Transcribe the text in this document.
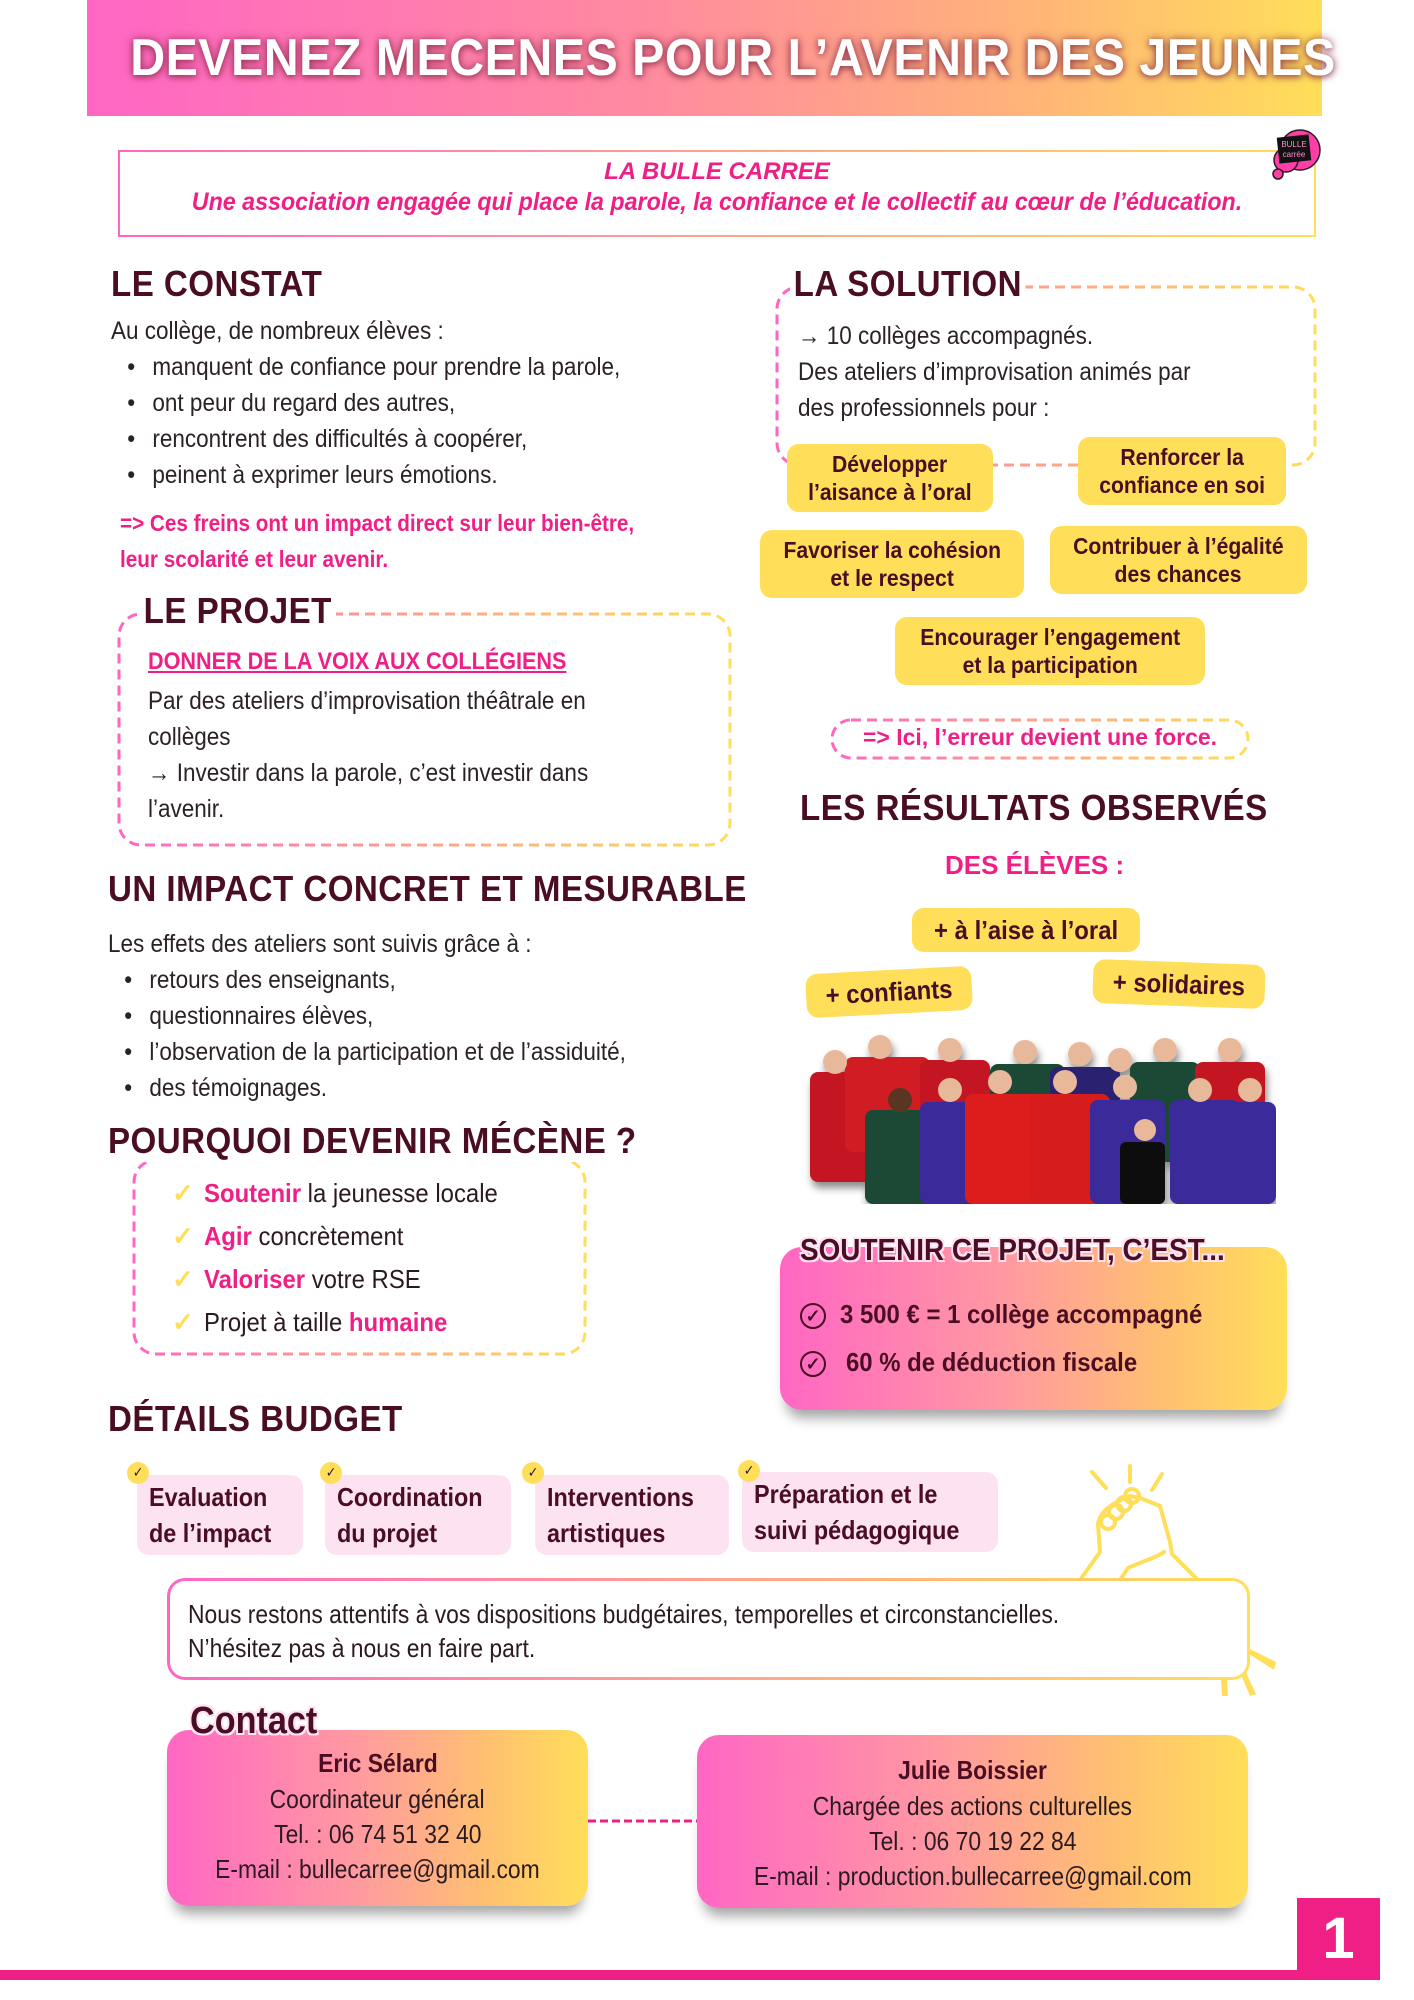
DEVENEZ MECENES POUR L’AVENIR DES JEUNES
LA BULLE CARREE
Une association engagée qui place la parole, la confiance et le collectif au cœur de l’éducation.
BULLE
carrée
LE CONSTAT
Au collège, de nombreux élèves :
• manquent de confiance pour prendre la parole,
• ont peur du regard des autres,
• rencontrent des difficultés à coopérer,
• peinent à exprimer leurs émotions.
=> Ces freins ont un impact direct sur leur bien-être,
leur scolarité et leur avenir.
LA SOLUTION
→ 10 collèges accompagnés.
Des ateliers d’improvisation animés par
des professionnels pour :
Développer
l’aisance à l’oral
Renforcer la
confiance en soi
Favoriser la cohésion
et le respect
Contribuer à l’égalité
des chances
Encourager l’engagement
et la participation
=> Ici, l’erreur devient une force.
LE PROJET
DONNER DE LA VOIX AUX COLLÉGIENS
Par des ateliers d’improvisation théâtrale en
collèges
→ Investir dans la parole, c’est investir dans
l’avenir.	LES RÉSULTATS OBSERVÉS
DES ÉLÈVES :
+ à l’aise à l’oral
+ confiants	+ solidaires
UN IMPACT CONCRET ET MESURABLE
Les effets des ateliers sont suivis grâce à :
• retours des enseignants,
• questionnaires élèves,
• l’observation de la participation et de l’assiduité,
• des témoignages.
POURQUOI DEVENIR MÉCÈNE ?
✓ Soutenir la jeunesse locale
✓ Agir concrètement
✓ Valoriser votre RSE
✓ Projet à taille humaine
SOUTENIR CE PROJET, C’EST...
✓ 3 500 € = 1 collège accompagné
✓ 60 % de déduction fiscale
DÉTAILS BUDGET
Evaluation
de l’impact
✓
Coordination
du projet
✓
Interventions
artistiques
✓
Préparation et le
suivi pédagogique
✓
Nous restons attentifs à vos dispositions budgétaires, temporelles et circonstancielles.
N’hésitez pas à nous en faire part.
Eric Sélard
Coordinateur général
Tel. : 06 74 51 32 40
E-mail : bullecarree@gmail.com
Contact
Julie Boissier
Chargée des actions culturelles
Tel. : 06 70 19 22 84
E-mail : production.bullecarree@gmail.com
1
